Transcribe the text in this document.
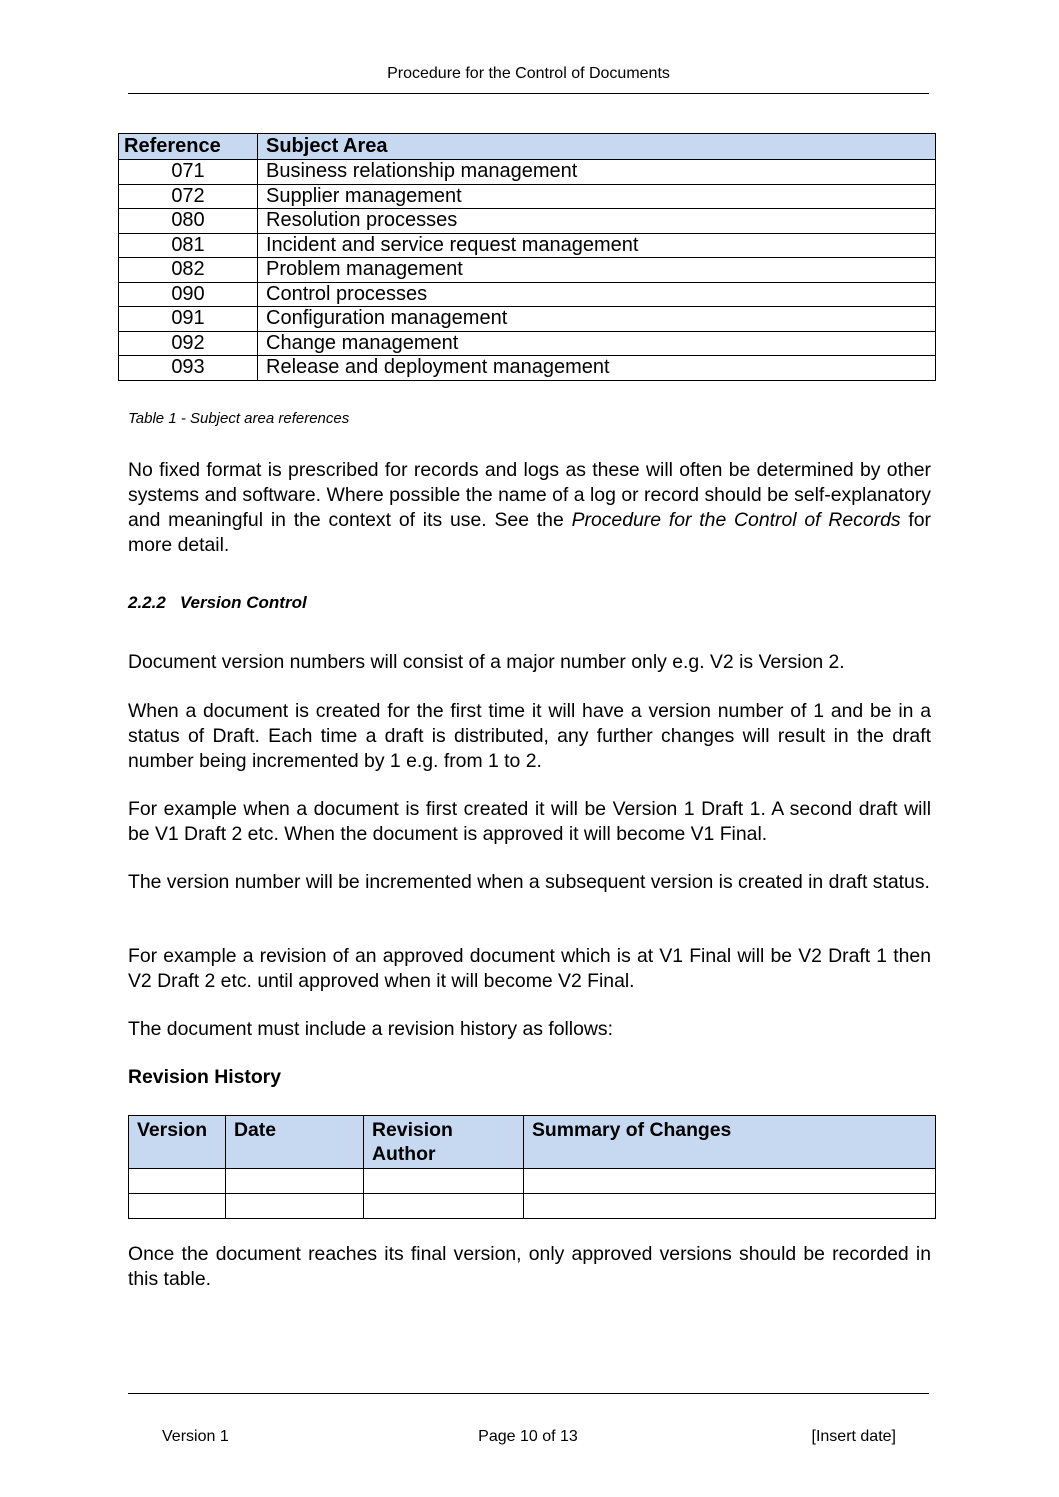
Procedure for the Control of Documents
Reference	Subject Area
071	Business relationship management
072	Supplier management
080	Resolution processes
081	Incident and service request management
082	Problem management
090	Control processes
091	Configuration management
092	Change management
093	Release and deployment management
Table 1 - Subject area references

No fixed format is prescribed for records and logs as these will often be determined by other systems and software. Where possible the name of a log or record should be self-explanatory and meaningful in the context of its use. See the Procedure for the Control of Records for more detail.

2.2.2 Version Control

Document version numbers will consist of a major number only e.g. V2 is Version 2.

When a document is created for the first time it will have a version number of 1 and be in a status of Draft. Each time a draft is distributed, any further changes will result in the draft number being incremented by 1 e.g. from 1 to 2.

For example when a document is first created it will be Version 1 Draft 1. A second draft will be V1 Draft 2 etc. When the document is approved it will become V1 Final.

The version number will be incremented when a subsequent version is created in draft status.

For example a revision of an approved document which is at V1 Final will be V2 Draft 1 then V2 Draft 2 etc. until approved when it will become V2 Final.

The document must include a revision history as follows:

Revision History
Version	Date	Revision Author	Summary of Changes

Once the document reaches its final version, only approved versions should be recorded in this table.

Version 1	Page 10 of 13	[Insert date]
